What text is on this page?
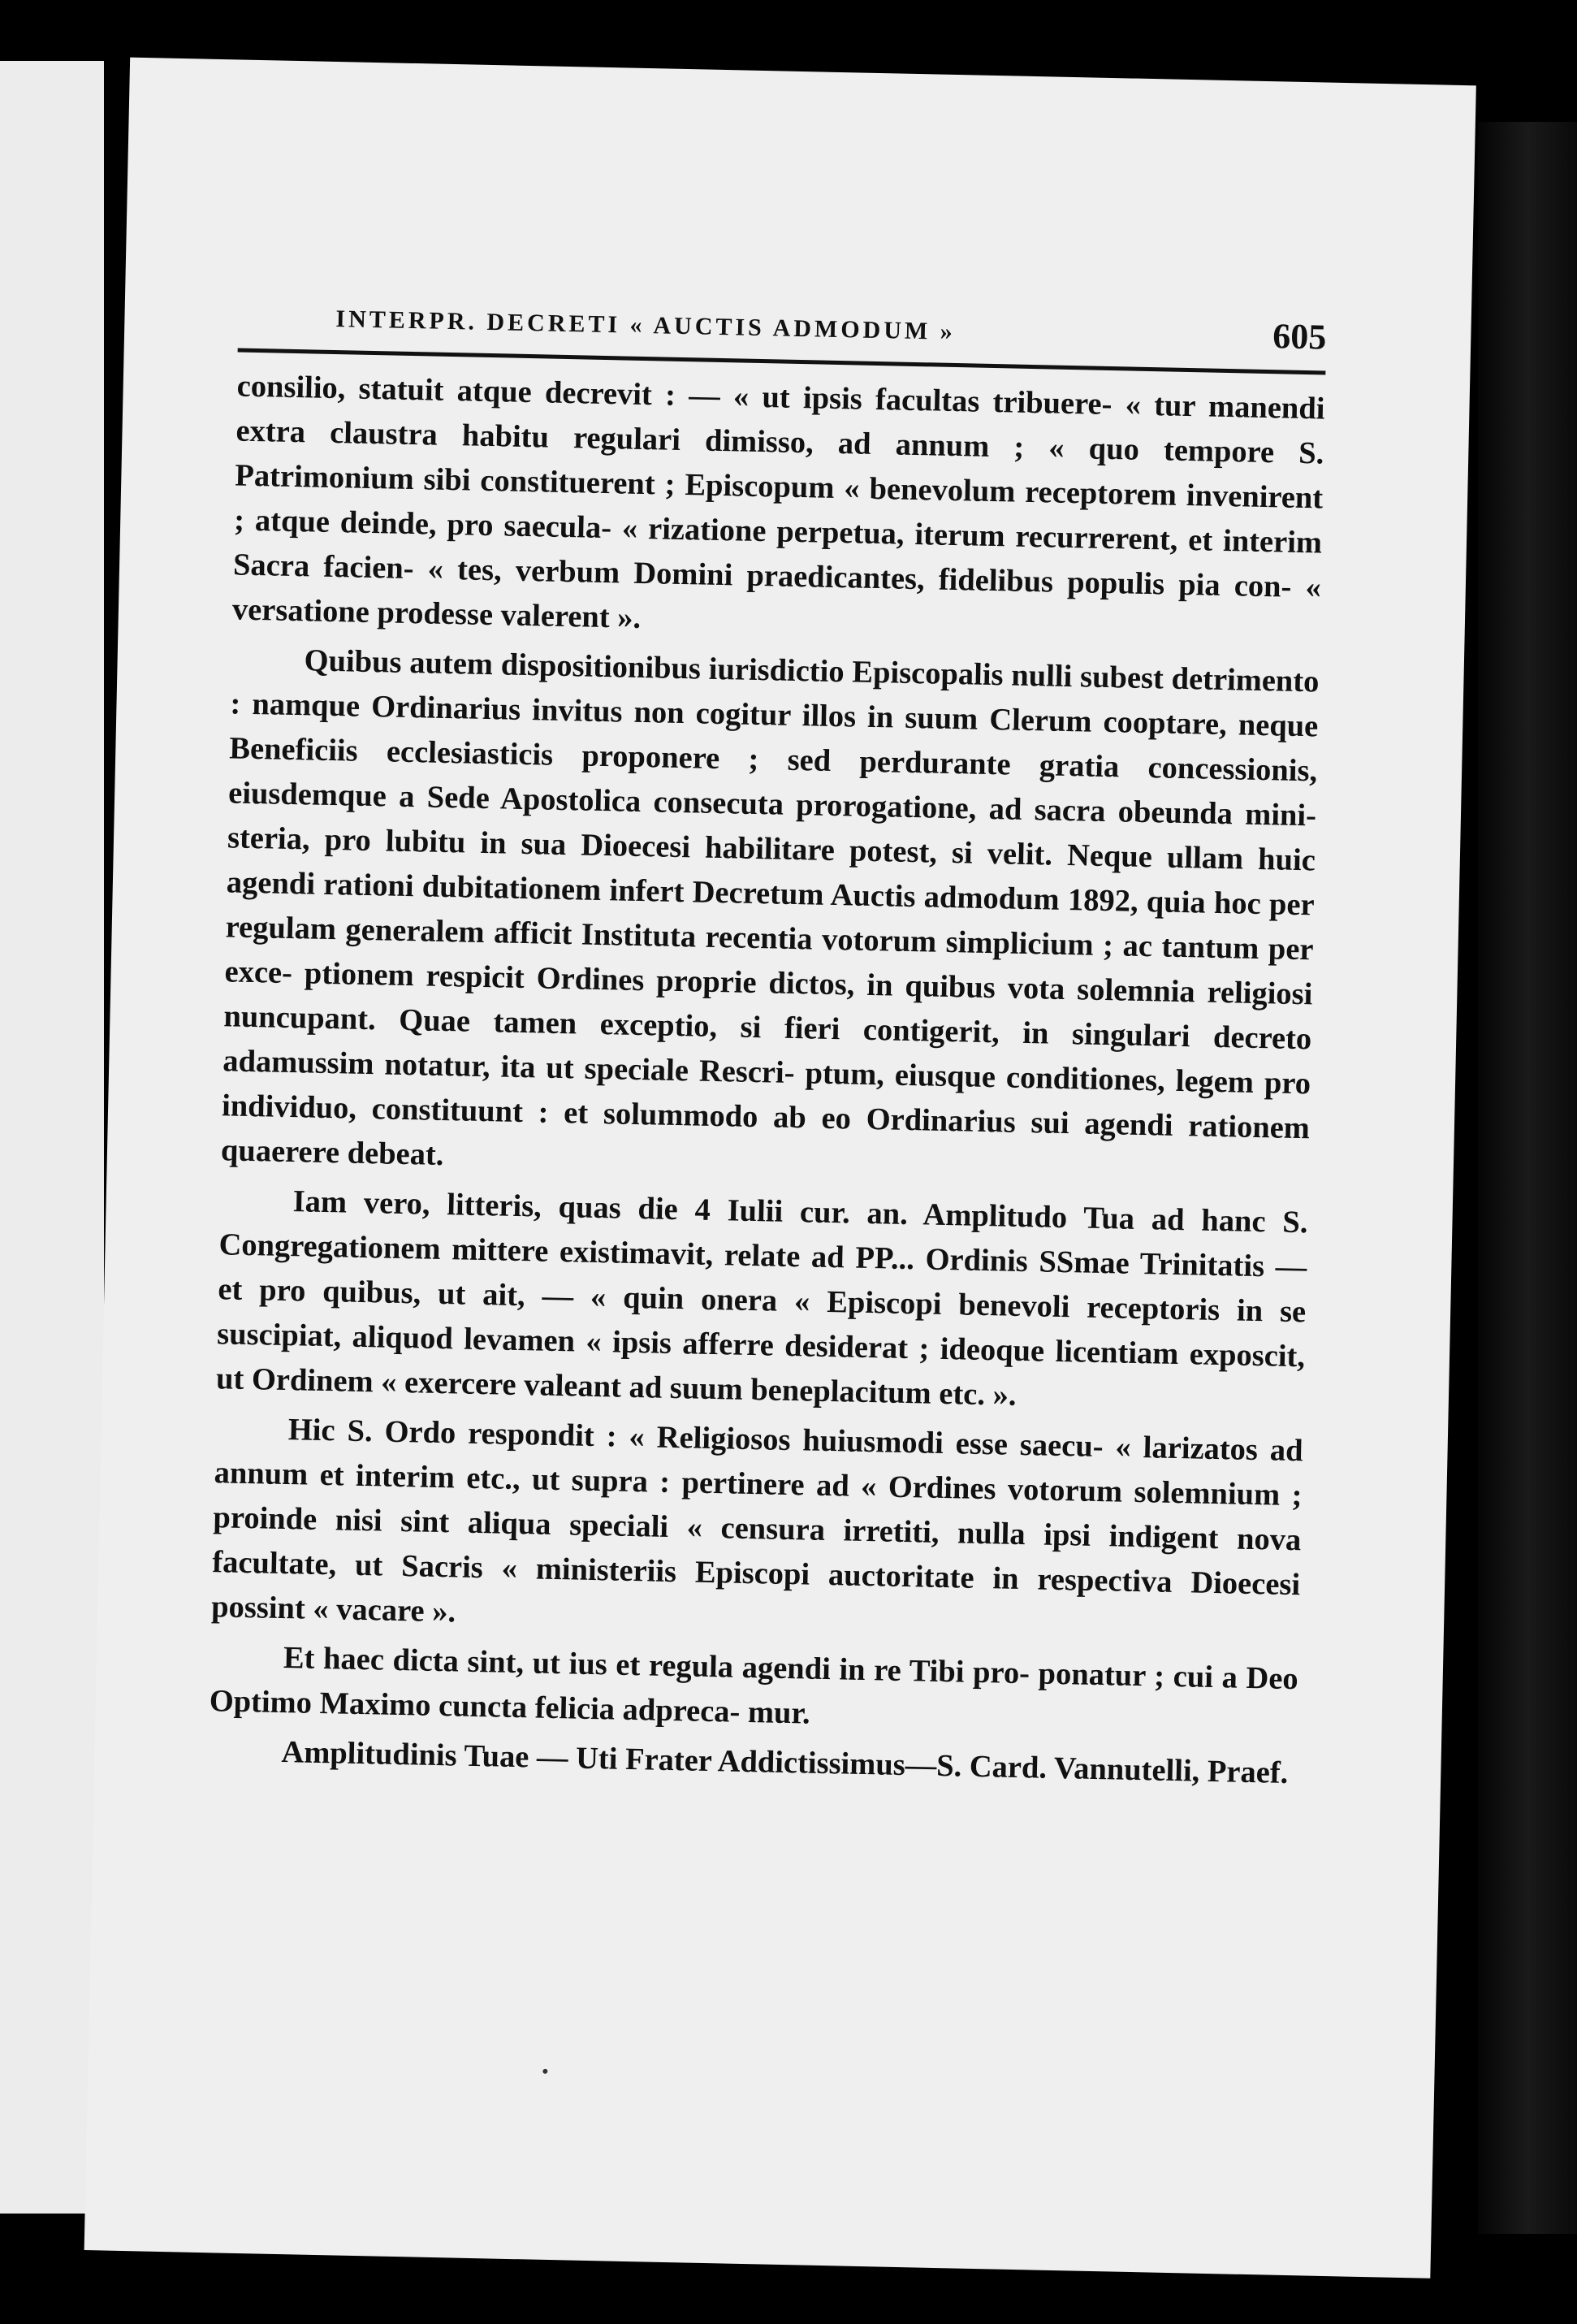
INTERPR. DECRETI « AUCTIS ADMODUM »	605

consilio, statuit atque decrevit : — « ut ipsis facultas tribuere- « tur manendi extra claustra habitu regulari dimisso, ad annum ; « quo tempore S. Patrimonium sibi constituerent ; Episcopum « benevolum receptorem invenirent ; atque deinde, pro saecula- « rizatione perpetua, iterum recurrerent, et interim Sacra facien- « tes, verbum Domini praedicantes, fidelibus populis pia con- « versatione prodesse valerent ».

Quibus autem dispositionibus iurisdictio Episcopalis nulli subest detrimento : namque Ordinarius invitus non cogitur illos in suum Clerum cooptare, neque Beneficiis ecclesiasticis proponere ; sed perdurante gratia concessionis, eiusdemque a Sede Apostolica consecuta prorogatione, ad sacra obeunda mini- steria, pro lubitu in sua Dioecesi habilitare potest, si velit. Neque ullam huic agendi rationi dubitationem infert Decretum Auctis admodum 1892, quia hoc per regulam generalem afficit Instituta recentia votorum simplicium ; ac tantum per exce- ptionem respicit Ordines proprie dictos, in quibus vota solemnia religiosi nuncupant. Quae tamen exceptio, si fieri contigerit, in singulari decreto adamussim notatur, ita ut speciale Rescri- ptum, eiusque conditiones, legem pro individuo, constituunt : et solummodo ab eo Ordinarius sui agendi rationem quaerere debeat.

Iam vero, litteris, quas die 4 Iulii cur. an. Amplitudo Tua ad hanc S. Congregationem mittere existimavit, relate ad PP... Ordinis SSmae Trinitatis — et pro quibus, ut ait, — « quin onera « Episcopi benevoli receptoris in se suscipiat, aliquod levamen « ipsis afferre desiderat ; ideoque licentiam exposcit, ut Ordinem « exercere valeant ad suum beneplacitum etc. ».

Hic S. Ordo respondit : « Religiosos huiusmodi esse saecu- « larizatos ad annum et interim etc., ut supra : pertinere ad « Ordines votorum solemnium ; proinde nisi sint aliqua speciali « censura irretiti, nulla ipsi indigent nova facultate, ut Sacris « ministeriis Episcopi auctoritate in respectiva Dioecesi possint « vacare ».

Et haec dicta sint, ut ius et regula agendi in re Tibi pro- ponatur ; cui a Deo Optimo Maximo cuncta felicia adpreca- mur.

Amplitudinis Tuae — Uti Frater Addictissimus—S. Card. Vannutelli, Praef.
